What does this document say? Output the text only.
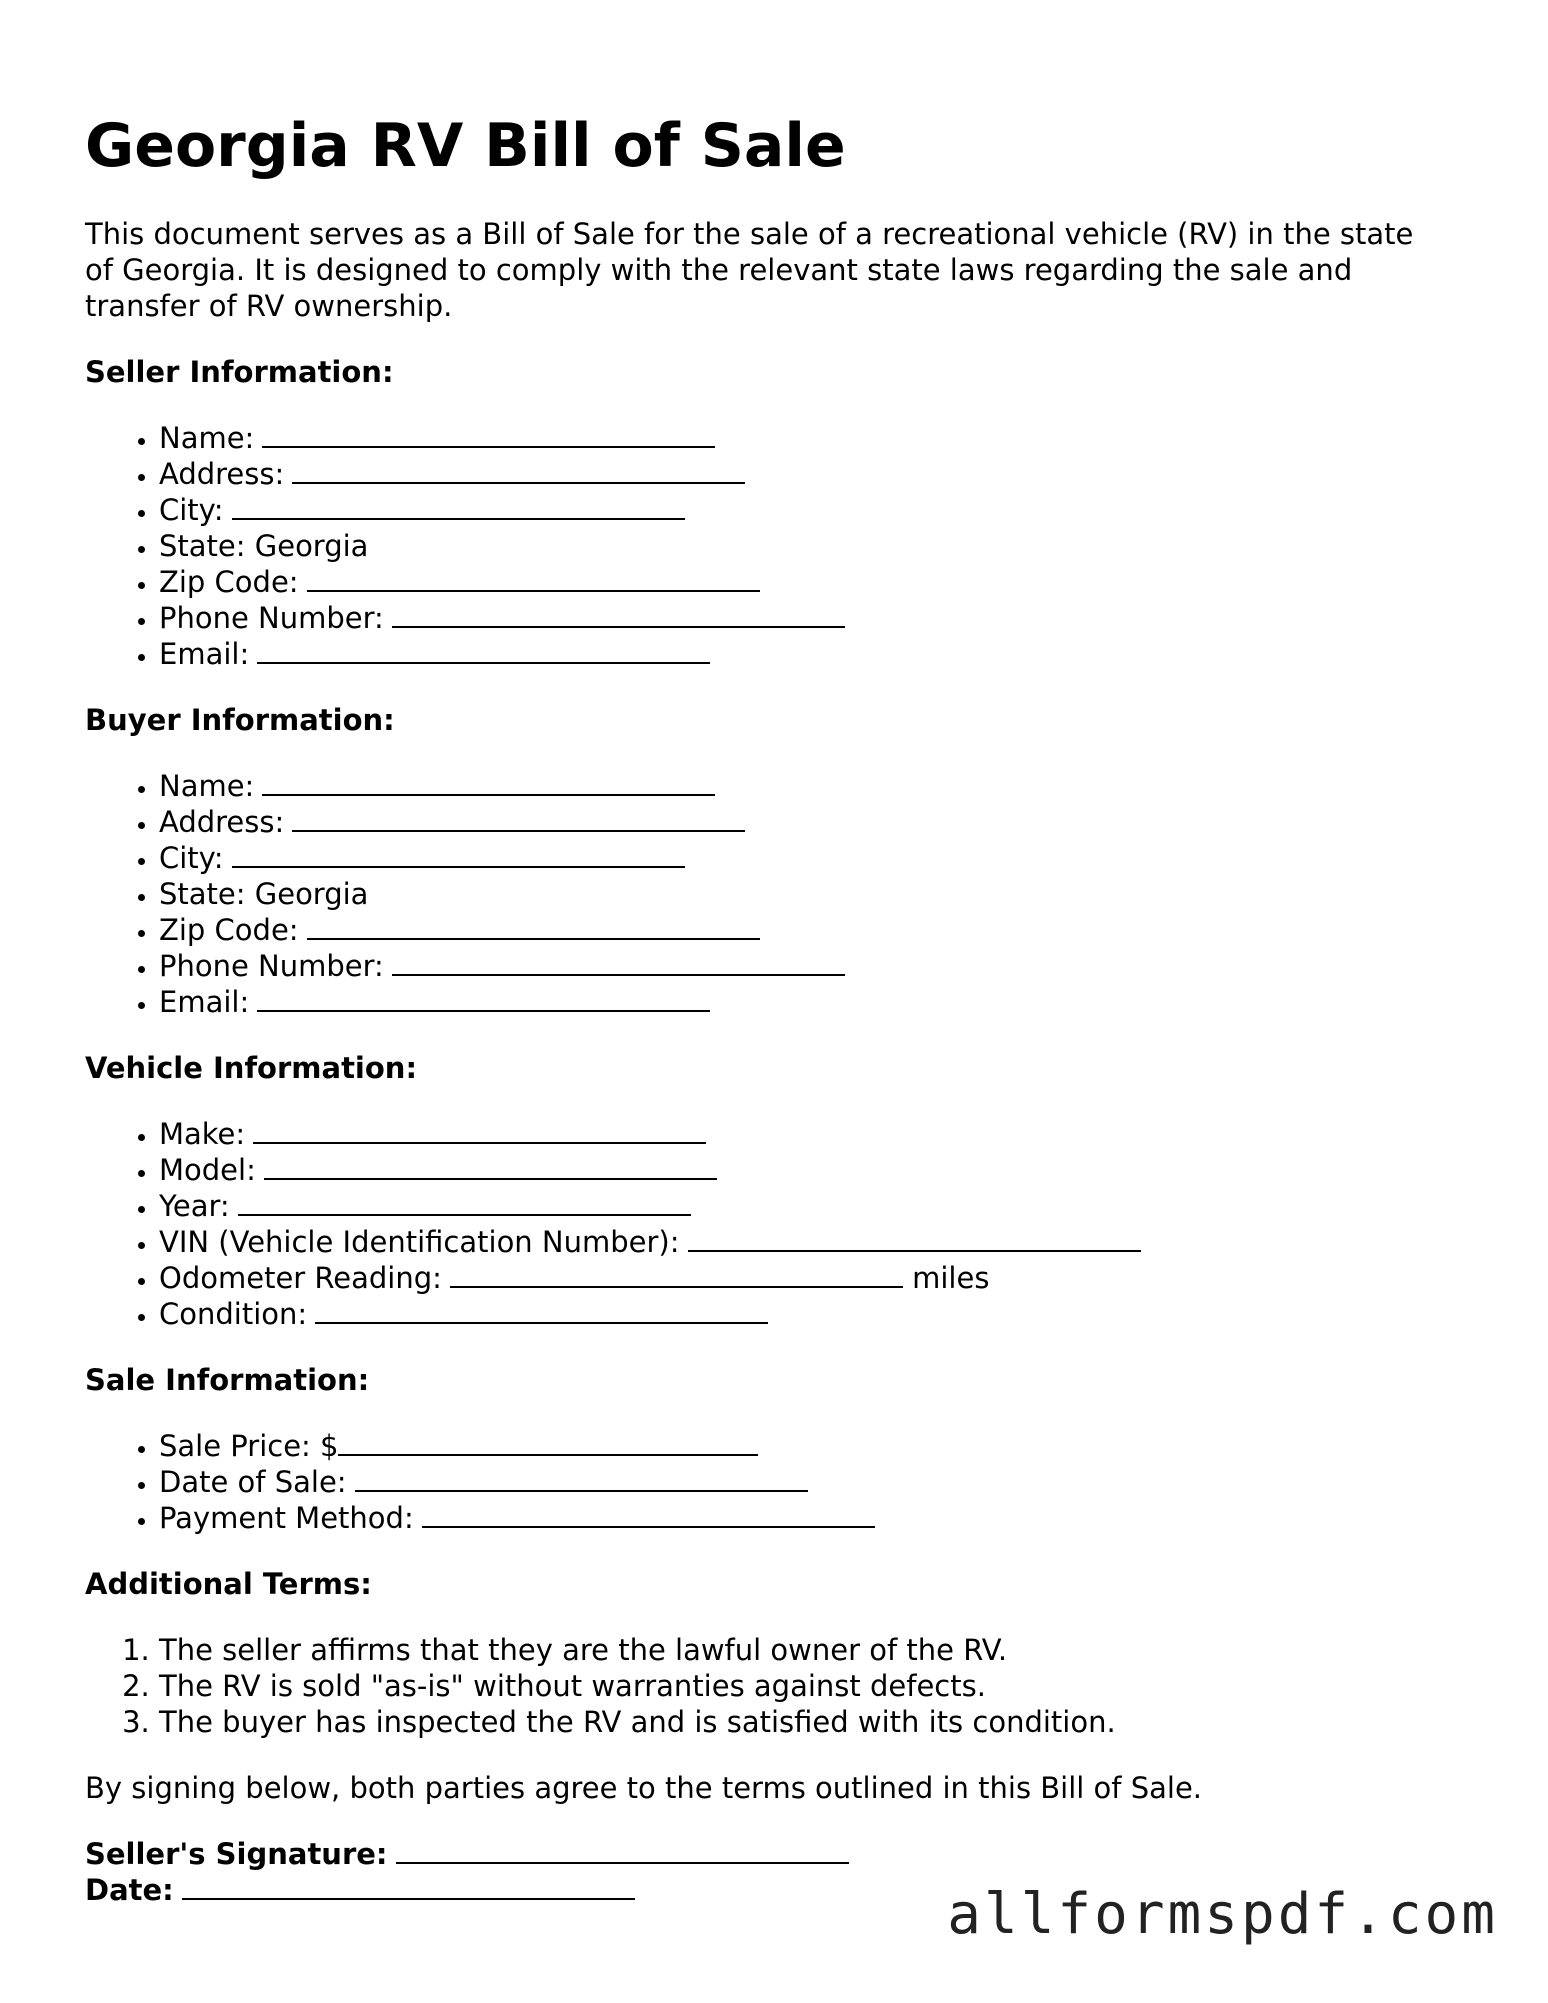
Georgia RV Bill of Sale

This document serves as a Bill of Sale for the sale of a recreational vehicle (RV) in the state of Georgia. It is designed to comply with the relevant state laws regarding the sale and transfer of RV ownership.

Seller Information:
• Name:
• Address:
• City:
• State: Georgia
• Zip Code:
• Phone Number:
• Email:
Buyer Information:
• Name:
• Address:
• City:
• State: Georgia
• Zip Code:
• Phone Number:
• Email:
Vehicle Information:
• Make:
• Model:
• Year:
• VIN (Vehicle Identification Number):
• Odometer Reading:	miles
• Condition:
Sale Information:
• Sale Price: $
• Date of Sale:
• Payment Method:
Additional Terms:
1. The seller affirms that they are the lawful owner of the RV.
2. The RV is sold "as-is" without warranties against defects.
3. The buyer has inspected the RV and is satisfied with its condition.

By signing below, both parties agree to the terms outlined in this Bill of Sale.

Seller's Signature:
Date:	allformspdf.com
